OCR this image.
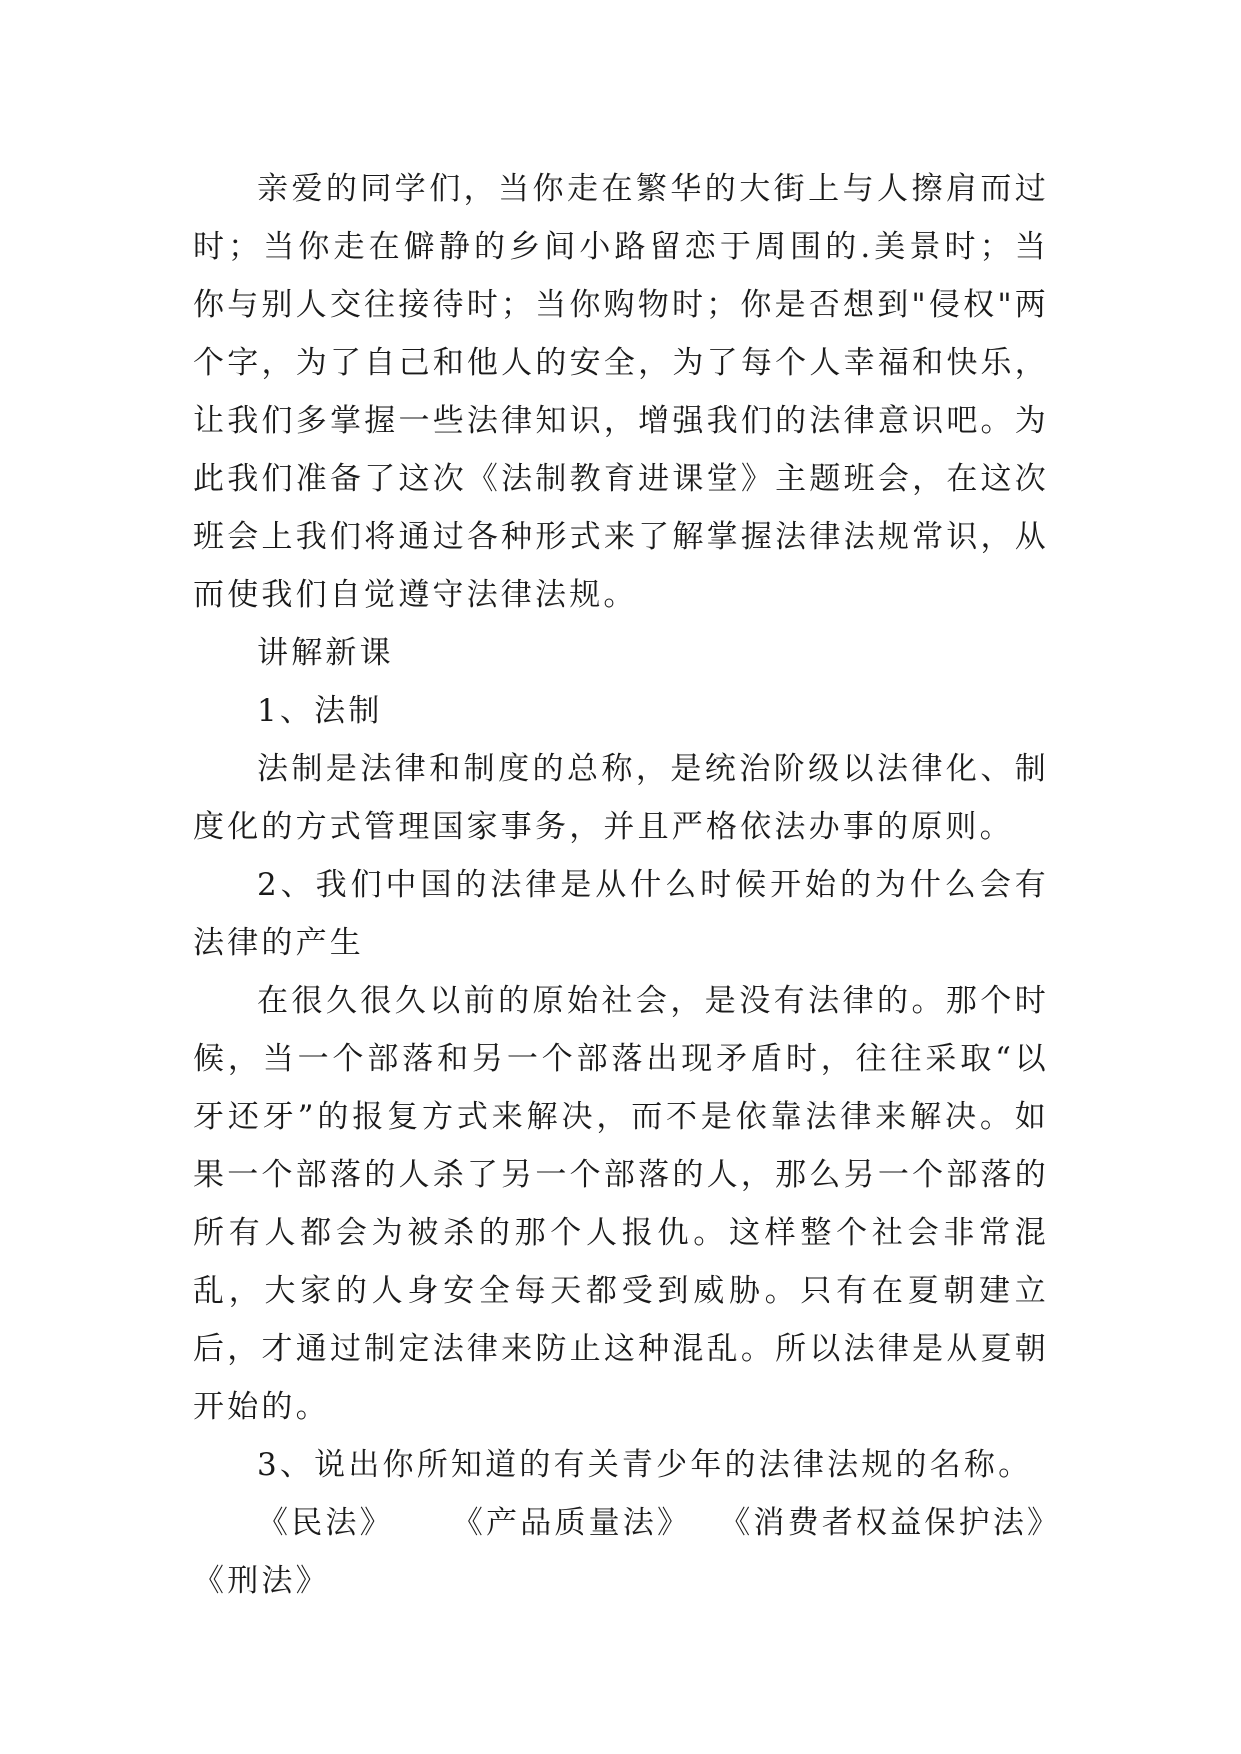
亲爱的同学们，当你走在繁华的大街上与人擦肩而过时；当你走在僻静的乡间小路留恋于周围的.美景时；当你与别人交往接待时；当你购物时；你是否想到"侵权"两个字，为了自己和他人的安全，为了每个人幸福和快乐，让我们多掌握一些法律知识，增强我们的法律意识吧。为此我们准备了这次《法制教育进课堂》主题班会，在这次班会上我们将通过各种形式来了解掌握法律法规常识，从而使我们自觉遵守法律法规。

讲解新课

1、法制

法制是法律和制度的总称，是统治阶级以法律化、制度化的方式管理国家事务，并且严格依法办事的原则。

2、我们中国的法律是从什么时候开始的为什么会有法律的产生

在很久很久以前的原始社会，是没有法律的。那个时候，当一个部落和另一个部落出现矛盾时，往往采取“以牙还牙”的报复方式来解决，而不是依靠法律来解决。如果一个部落的人杀了另一个部落的人，那么另一个部落的所有人都会为被杀的那个人报仇。这样整个社会非常混乱，大家的人身安全每天都受到威胁。只有在夏朝建立后，才通过制定法律来防止这种混乱。所以法律是从夏朝开始的。

3、说出你所知道的有关青少年的法律法规的名称。

《民法》 《产品质量法》 《消费者权益保护法》

《刑法》
